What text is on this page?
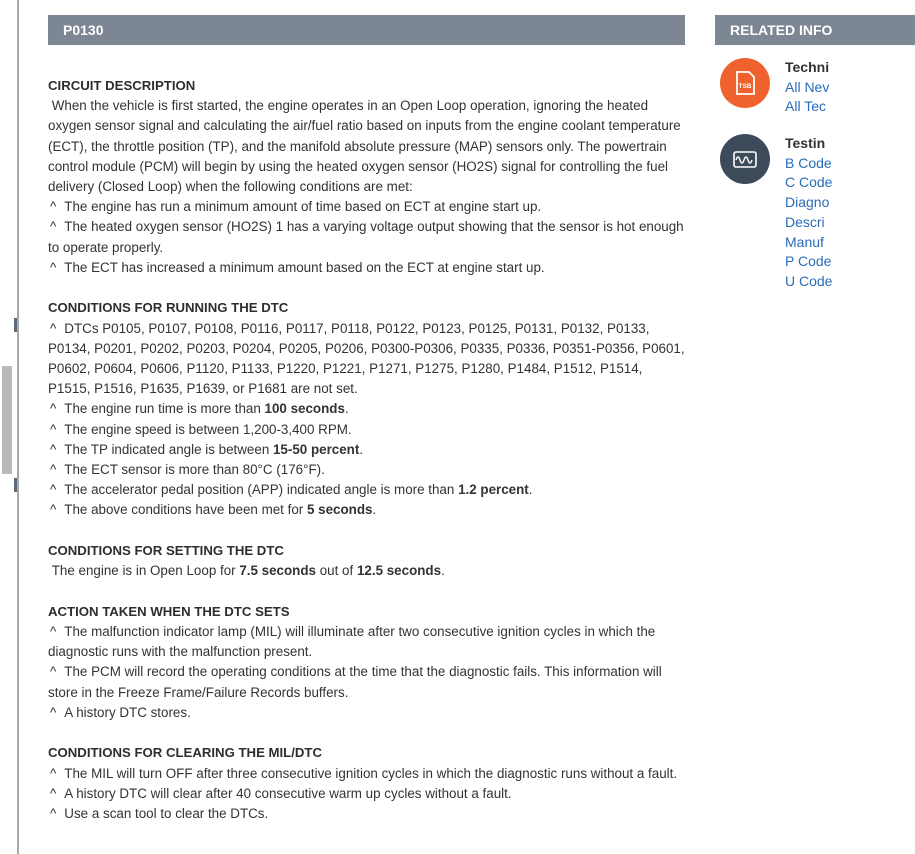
P0130
CIRCUIT DESCRIPTION
When the vehicle is first started, the engine operates in an Open Loop operation, ignoring the heated oxygen sensor signal and calculating the air/fuel ratio based on inputs from the engine coolant temperature (ECT), the throttle position (TP), and the manifold absolute pressure (MAP) sensors only. The powertrain control module (PCM) will begin by using the heated oxygen sensor (HO2S) signal for controlling the fuel delivery (Closed Loop) when the following conditions are met:
^ The engine has run a minimum amount of time based on ECT at engine start up.
^ The heated oxygen sensor (HO2S) 1 has a varying voltage output showing that the sensor is hot enough to operate properly.
^ The ECT has increased a minimum amount based on the ECT at engine start up.
CONDITIONS FOR RUNNING THE DTC
^ DTCs P0105, P0107, P0108, P0116, P0117, P0118, P0122, P0123, P0125, P0131, P0132, P0133, P0134, P0201, P0202, P0203, P0204, P0205, P0206, P0300-P0306, P0335, P0336, P0351-P0356, P0601, P0602, P0604, P0606, P1120, P1133, P1220, P1221, P1271, P1275, P1280, P1484, P1512, P1514, P1515, P1516, P1635, P1639, or P1681 are not set.
^ The engine run time is more than 100 seconds.
^ The engine speed is between 1,200-3,400 RPM.
^ The TP indicated angle is between 15-50 percent.
^ The ECT sensor is more than 80°C (176°F).
^ The accelerator pedal position (APP) indicated angle is more than 1.2 percent.
^ The above conditions have been met for 5 seconds.
CONDITIONS FOR SETTING THE DTC
The engine is in Open Loop for 7.5 seconds out of 12.5 seconds.
ACTION TAKEN WHEN THE DTC SETS
^ The malfunction indicator lamp (MIL) will illuminate after two consecutive ignition cycles in which the diagnostic runs with the malfunction present.
^ The PCM will record the operating conditions at the time that the diagnostic fails. This information will store in the Freeze Frame/Failure Records buffers.
^ A history DTC stores.
CONDITIONS FOR CLEARING THE MIL/DTC
^ The MIL will turn OFF after three consecutive ignition cycles in which the diagnostic runs without a fault.
^ A history DTC will clear after 40 consecutive warm up cycles without a fault.
^ Use a scan tool to clear the DTCs.
RELATED INFO
TSB
Techni
All Nev
All Tec
Testin
B Code
C Code
Diagno
Descri
Manuf
P Code
U Code
